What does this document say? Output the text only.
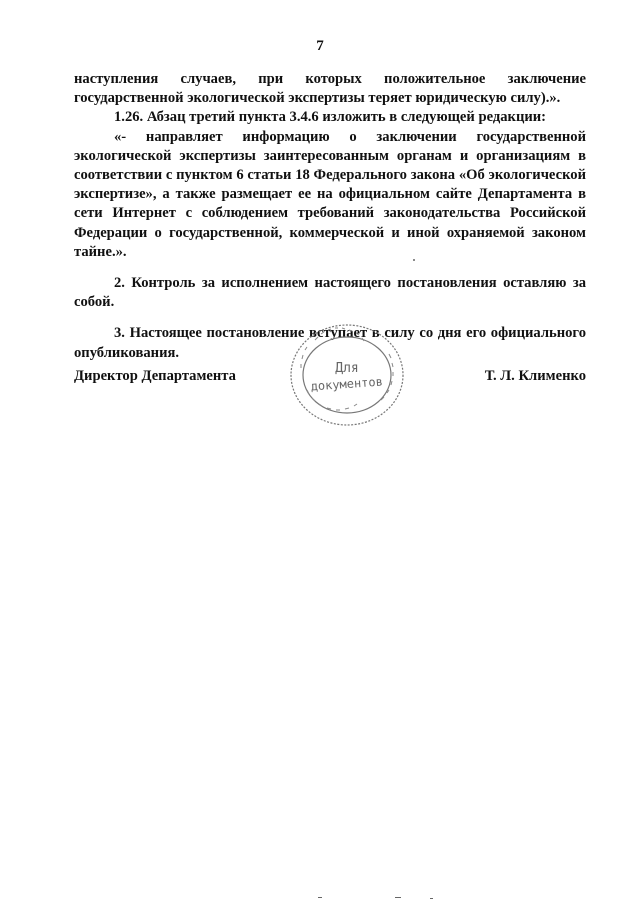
7

наступления случаев, при которых положительное заключение государственной экологической экспертизы теряет юридическую силу).».

1.26. Абзац третий пункта 3.4.6 изложить в следующей редакции:

«- направляет информацию о заключении государственной экологической экспертизы заинтересованным органам и организациям в соответствии с пунктом 6 статьи 18 Федерального закона «Об экологической экспертизе», а также размещает ее на официальном сайте Департамента в сети Интернет с соблюдением требований законодательства Российской Федерации о государственной, коммерческой и иной охраняемой законом тайне.».

2. Контроль за исполнением настоящего постановления оставляю за собой.

3. Настоящее постановление вступает в силу со дня его официального опубликования.

Директор Департамента	Т. Л. Клименко
Для
документов
